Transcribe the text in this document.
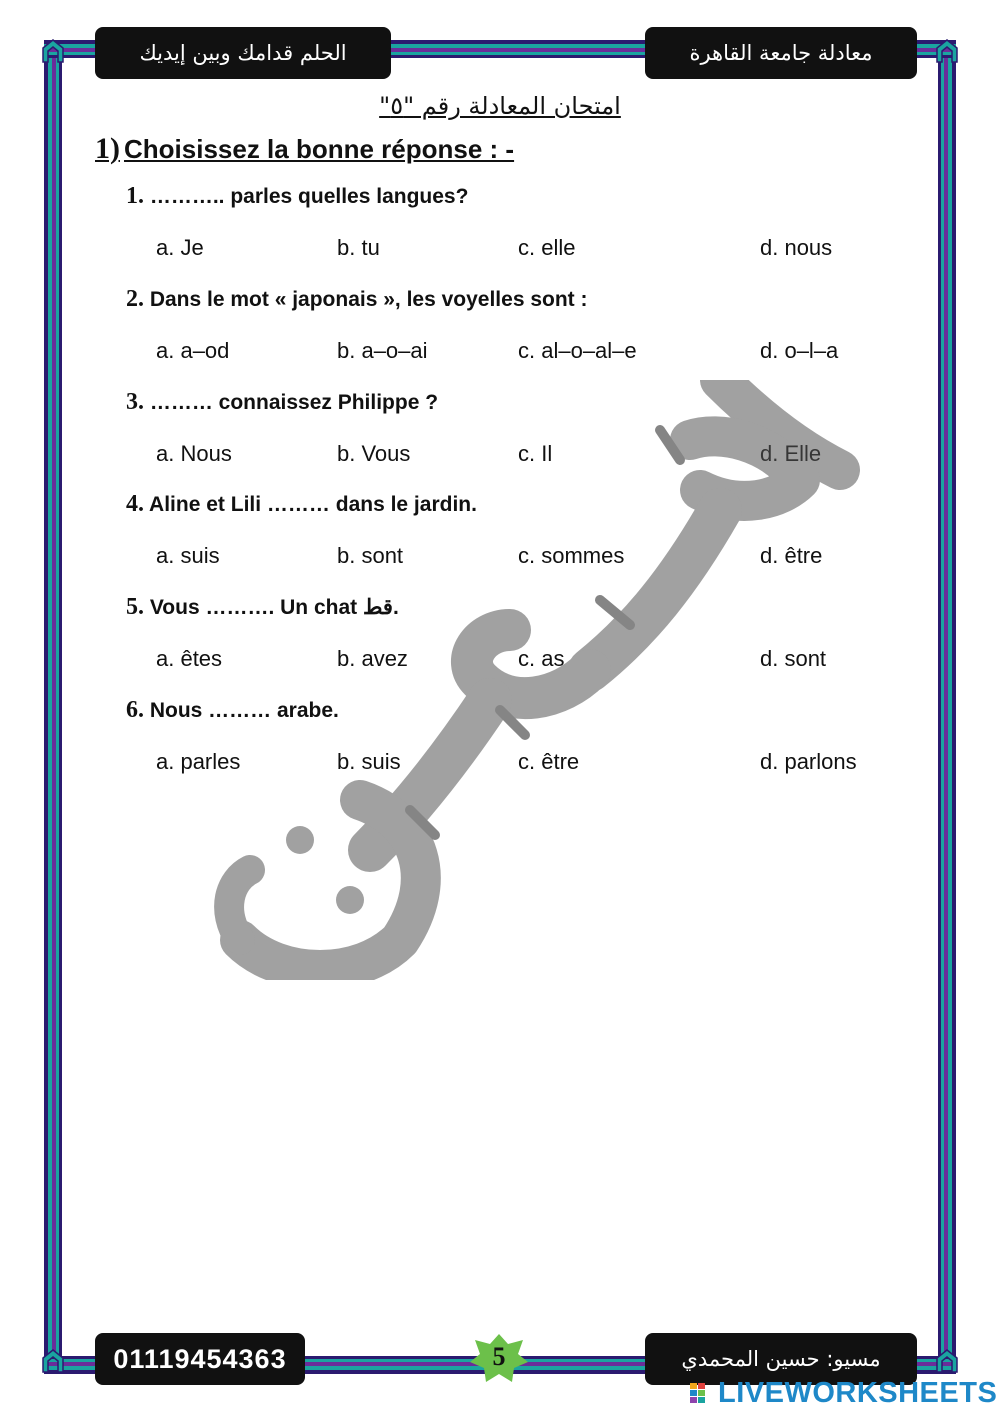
الحلم قدامك وبين إيديك	معادلة جامعة القاهرة
امتحان المعادلة رقم "٥"
1) Choisissez la bonne réponse : -
1. ……….. parles quelles langues?
a. Je	b. tu	c. elle	d. nous
2. Dans le mot « japonais », les voyelles sont :
a. a–od	b. a–o–ai	c. al–o–al–e	d. o–l–a
3. ……… connaissez Philippe ?
a. Nous	b. Vous	c. Il	d. Elle
4. Aline et Lili ……… dans le jardin.
a. suis	b. sont	c. sommes	d. être
5. Vous ………. Un chat قط.
a. êtes	b. avez	c. as	d. sont
6. Nous ……… arabe.
a. parles	b. suis	c. être	d. parlons
01119454363	5	مسيو: حسين المحمدي
LIVEWORKSHEETS
